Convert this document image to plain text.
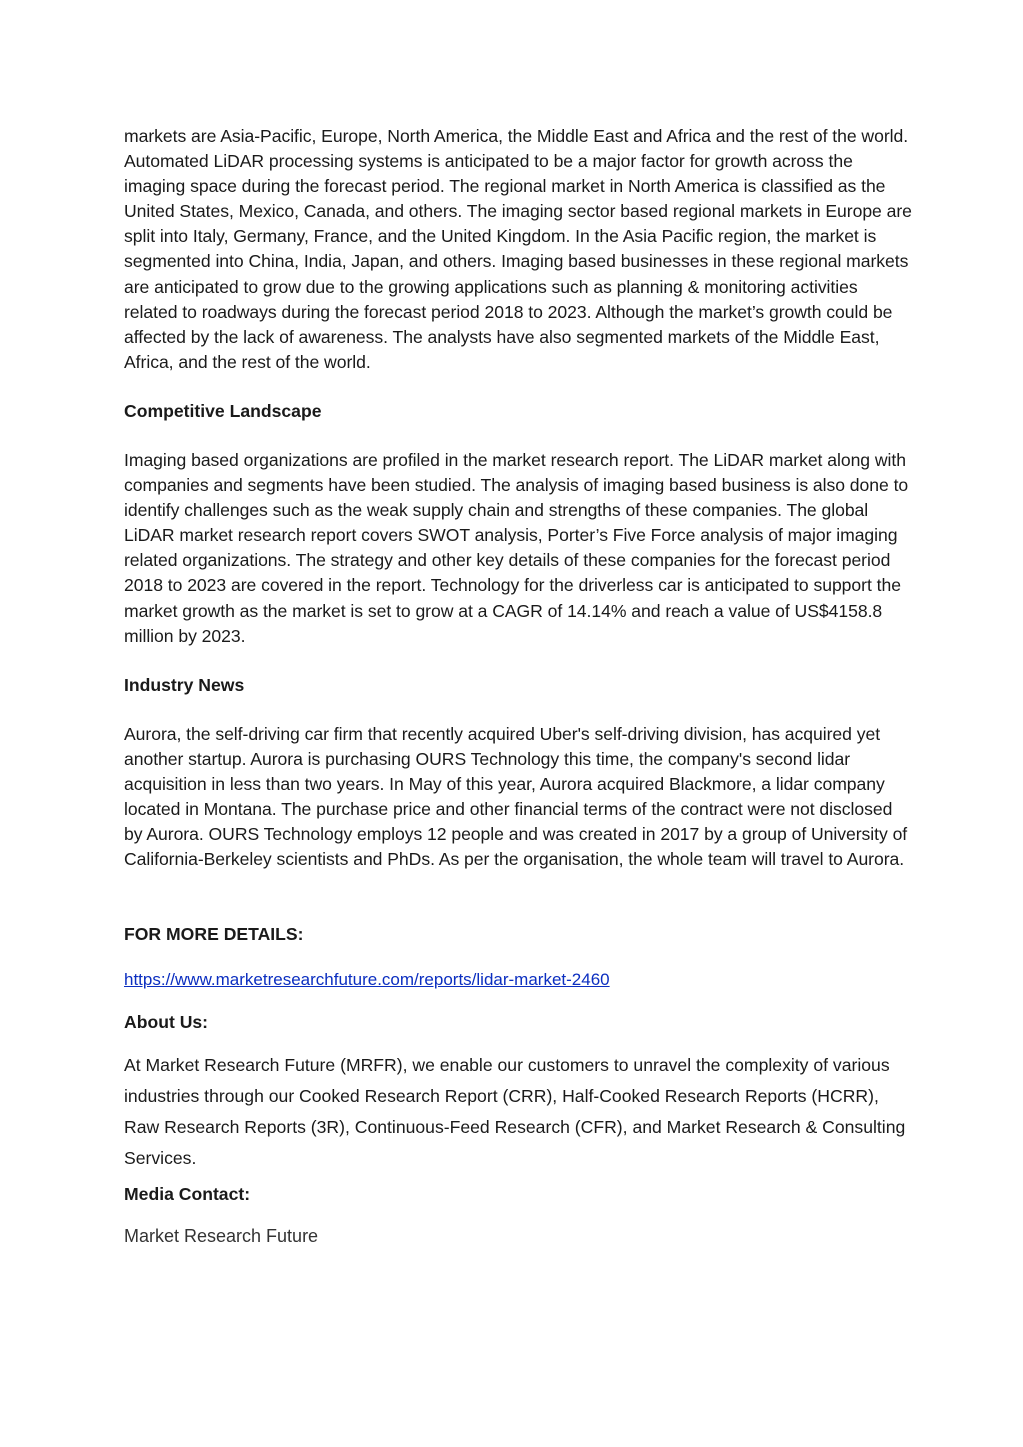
markets are Asia-Pacific, Europe, North America, the Middle East and Africa and the rest of the world. Automated LiDAR processing systems is anticipated to be a major factor for growth across the imaging space during the forecast period. The regional market in North America is classified as the United States, Mexico, Canada, and others. The imaging sector based regional markets in Europe are split into Italy, Germany, France, and the United Kingdom. In the Asia Pacific region, the market is segmented into China, India, Japan, and others. Imaging based businesses in these regional markets are anticipated to grow due to the growing applications such as planning & monitoring activities related to roadways during the forecast period 2018 to 2023. Although the market’s growth could be affected by the lack of awareness. The analysts have also segmented markets of the Middle East, Africa, and the rest of the world.

Competitive Landscape

Imaging based organizations are profiled in the market research report. The LiDAR market along with companies and segments have been studied. The analysis of imaging based business is also done to identify challenges such as the weak supply chain and strengths of these companies. The global LiDAR market research report covers SWOT analysis, Porter’s Five Force analysis of major imaging related organizations. The strategy and other key details of these companies for the forecast period 2018 to 2023 are covered in the report. Technology for the driverless car is anticipated to support the market growth as the market is set to grow at a CAGR of 14.14% and reach a value of US$4158.8 million by 2023.

Industry News

Aurora, the self-driving car firm that recently acquired Uber's self-driving division, has acquired yet another startup. Aurora is purchasing OURS Technology this time, the company's second lidar acquisition in less than two years. In May of this year, Aurora acquired Blackmore, a lidar company located in Montana. The purchase price and other financial terms of the contract were not disclosed by Aurora. OURS Technology employs 12 people and was created in 2017 by a group of University of California-Berkeley scientists and PhDs. As per the organisation, the whole team will travel to Aurora.

FOR MORE DETAILS:

https://www.marketresearchfuture.com/reports/lidar-market-2460

About Us:

At Market Research Future (MRFR), we enable our customers to unravel the complexity of various industries through our Cooked Research Report (CRR), Half-Cooked Research Reports (HCRR), Raw Research Reports (3R), Continuous-Feed Research (CFR), and Market Research & Consulting Services.

Media Contact:

Market Research Future
